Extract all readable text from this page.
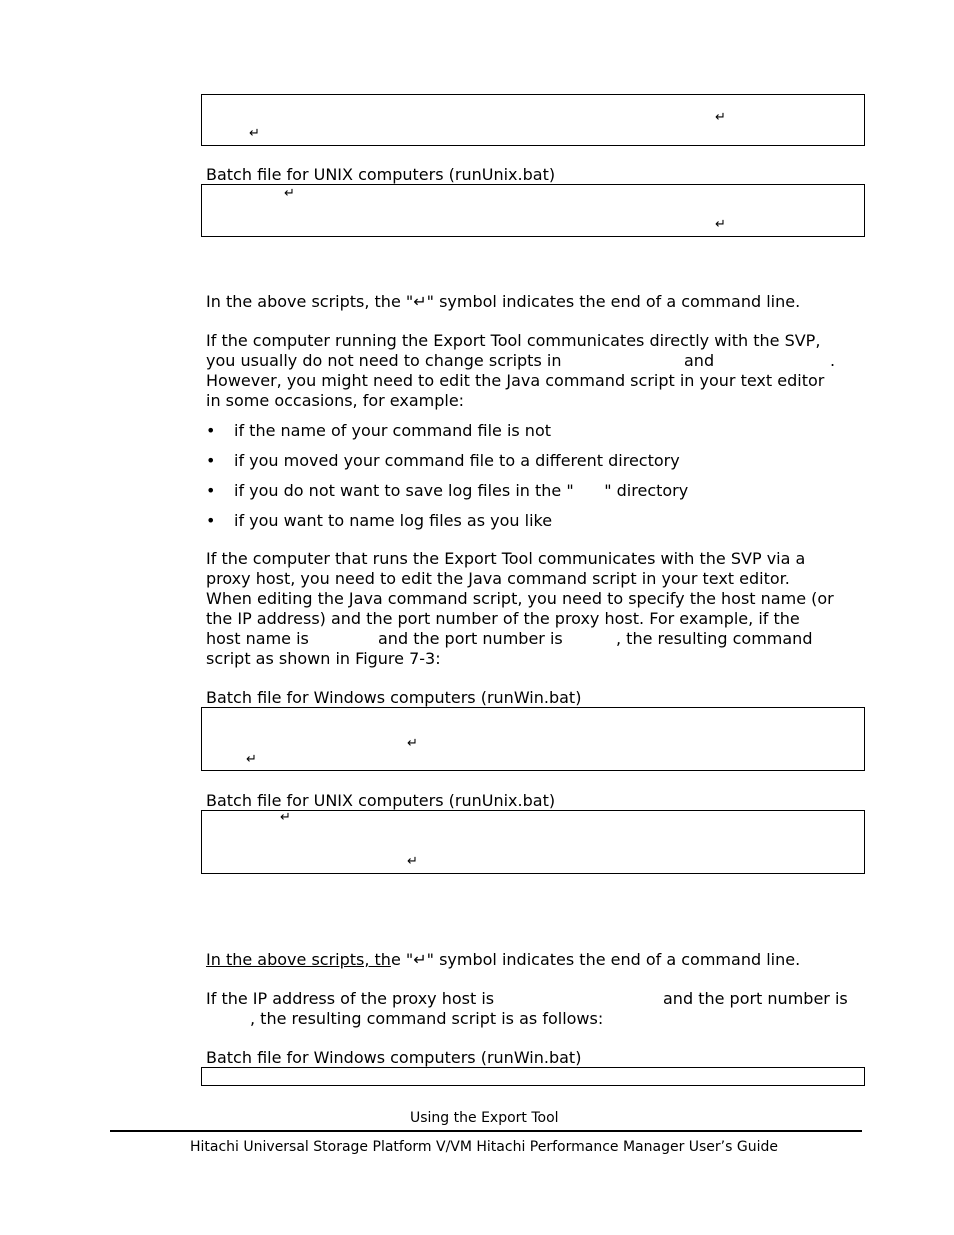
↵
↵
Batch file for UNIX computers (runUnix.bat)
↵
↵
In the above scripts, the "↵" symbol indicates the end of a command line.
If the computer running the Export Tool communicates directly with the SVP,
you usually do not need to change scripts in	and	.
However, you might need to edit the Java command script in your text editor
in some occasions, for example:
• if the name of your command file is not
• if you moved your command file to a different directory
• if you do not want to save log files in the "      " directory
• if you want to name log files as you like
If the computer that runs the Export Tool communicates with the SVP via a
proxy host, you need to edit the Java command script in your text editor.
When editing the Java command script, you need to specify the host name (or
the IP address) and the port number of the proxy host. For example, if the
host name is	and the port number is	, the resulting command
script as shown in Figure 7-3:
Batch file for Windows computers (runWin.bat)
↵
↵
Batch file for UNIX computers (runUnix.bat)
↵
↵
In the above scripts, the "↵" symbol indicates the end of a command line.
If the IP address of the proxy host is	and the port number is
, the resulting command script is as follows:
Batch file for Windows computers (runWin.bat)
Using the Export Tool
Hitachi Universal Storage Platform V/VM Hitachi Performance Manager User’s Guide
